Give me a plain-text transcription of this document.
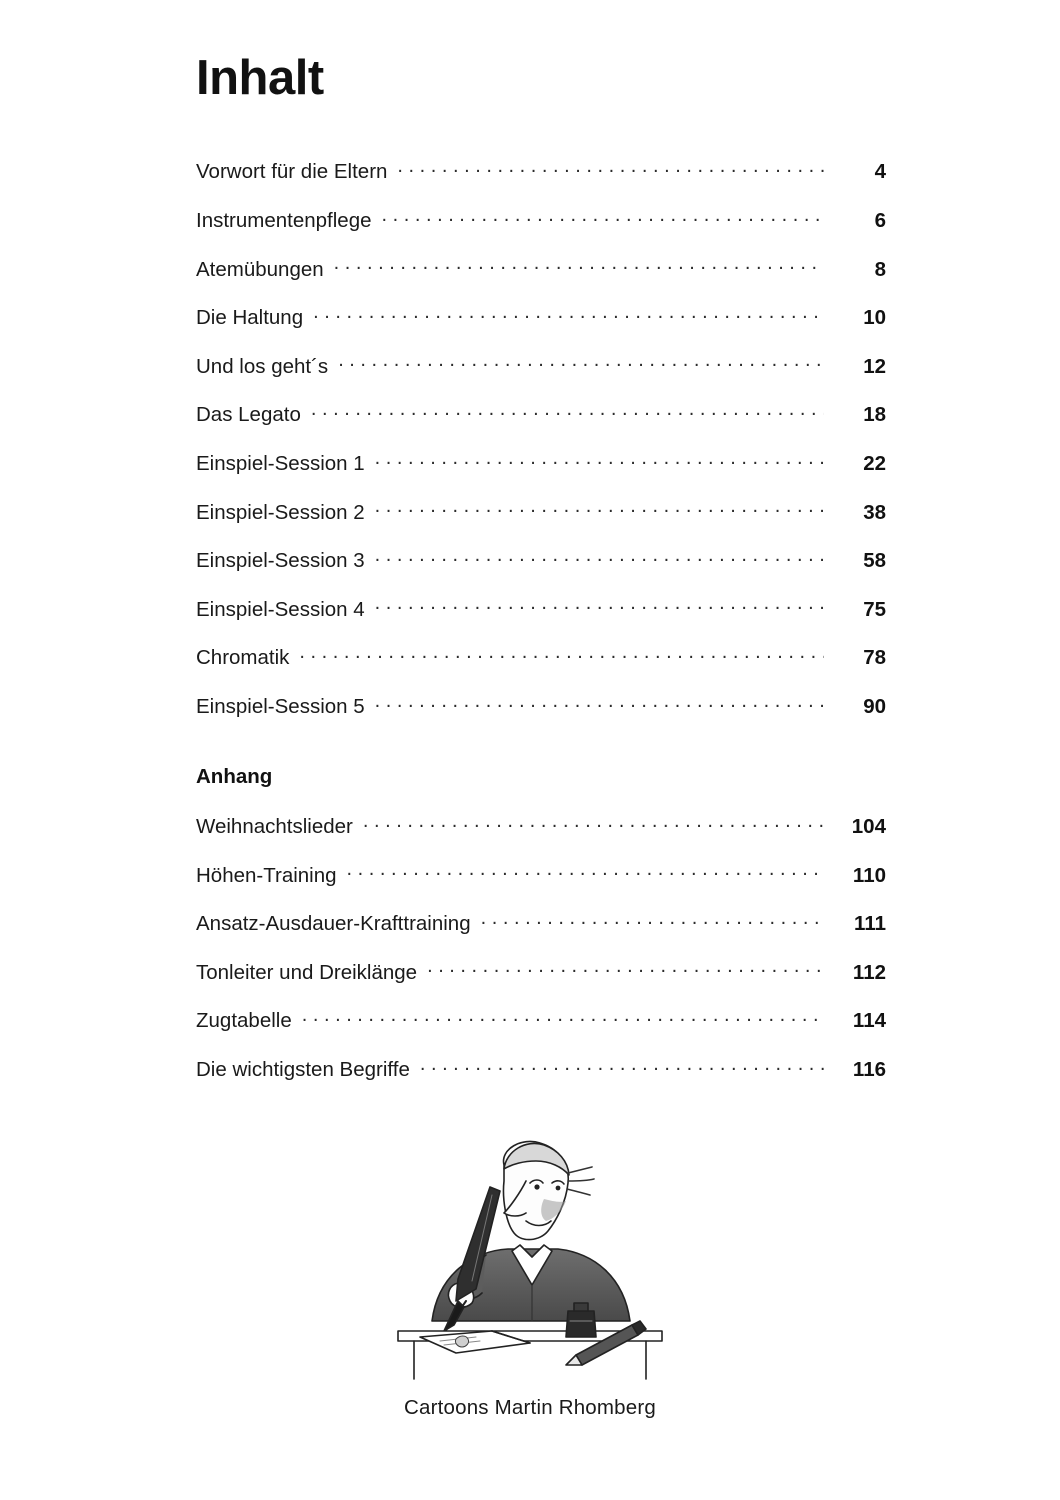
Inhalt
Vorwort für die Eltern . . .	4
Instrumentenpflege . . .	6
Atemübungen . . .	8
Die Haltung . . .	10
Und los geht´s . . .	12
Das Legato . . .	18
Einspiel-Session 1 . . .	22
Einspiel-Session 2 . . .	38
Einspiel-Session 3 . . .	58
Einspiel-Session 4 . . .	75
Chromatik . . .	78
Einspiel-Session 5 . . .	90
Anhang
Weihnachtslieder . . .	104
Höhen-Training . . .	110
Ansatz-Ausdauer-Krafttraining . . .	111
Tonleiter und Dreiklänge . . .	112
Zugtabelle . . .	114
Die wichtigsten Begriffe . . .	116
Cartoons Martin Rhomberg
